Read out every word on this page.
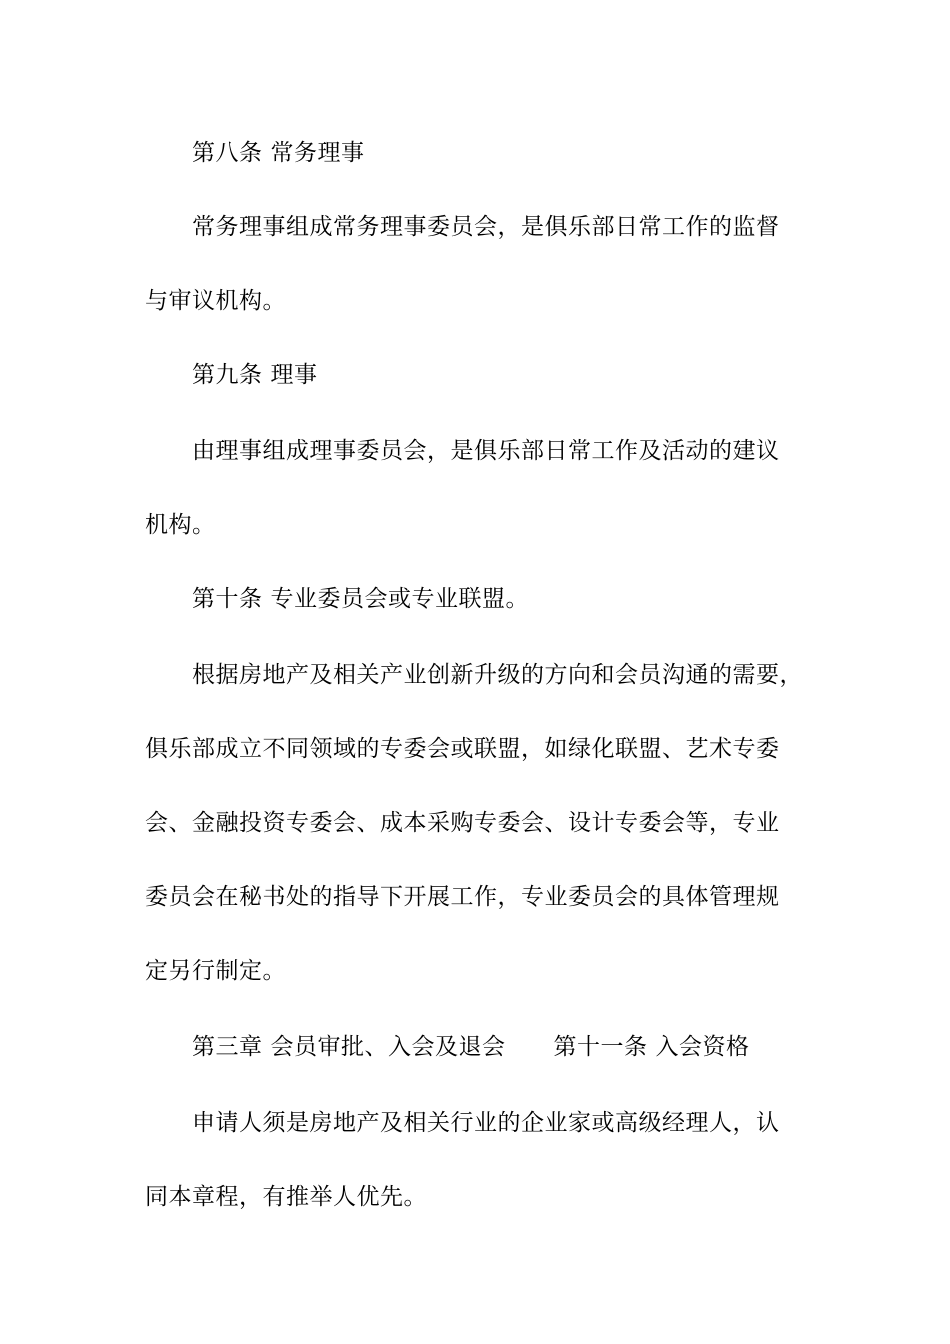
第八条 常务理事
常务理事组成常务理事委员会，是俱乐部日常工作的监督
与审议机构。
第九条 理事
由理事组成理事委员会，是俱乐部日常工作及活动的建议
机构。
第十条 专业委员会或专业联盟。
根据房地产及相关产业创新升级的方向和会员沟通的需要，
俱乐部成立不同领域的专委会或联盟，如绿化联盟、艺术专委
会、金融投资专委会、成本采购专委会、设计专委会等，专业
委员会在秘书处的指导下开展工作，专业委员会的具体管理规
定另行制定。
第三章 会员审批、入会及退会 第十一条 入会资格
申请人须是房地产及相关行业的企业家或高级经理人，认
同本章程，有推举人优先。
